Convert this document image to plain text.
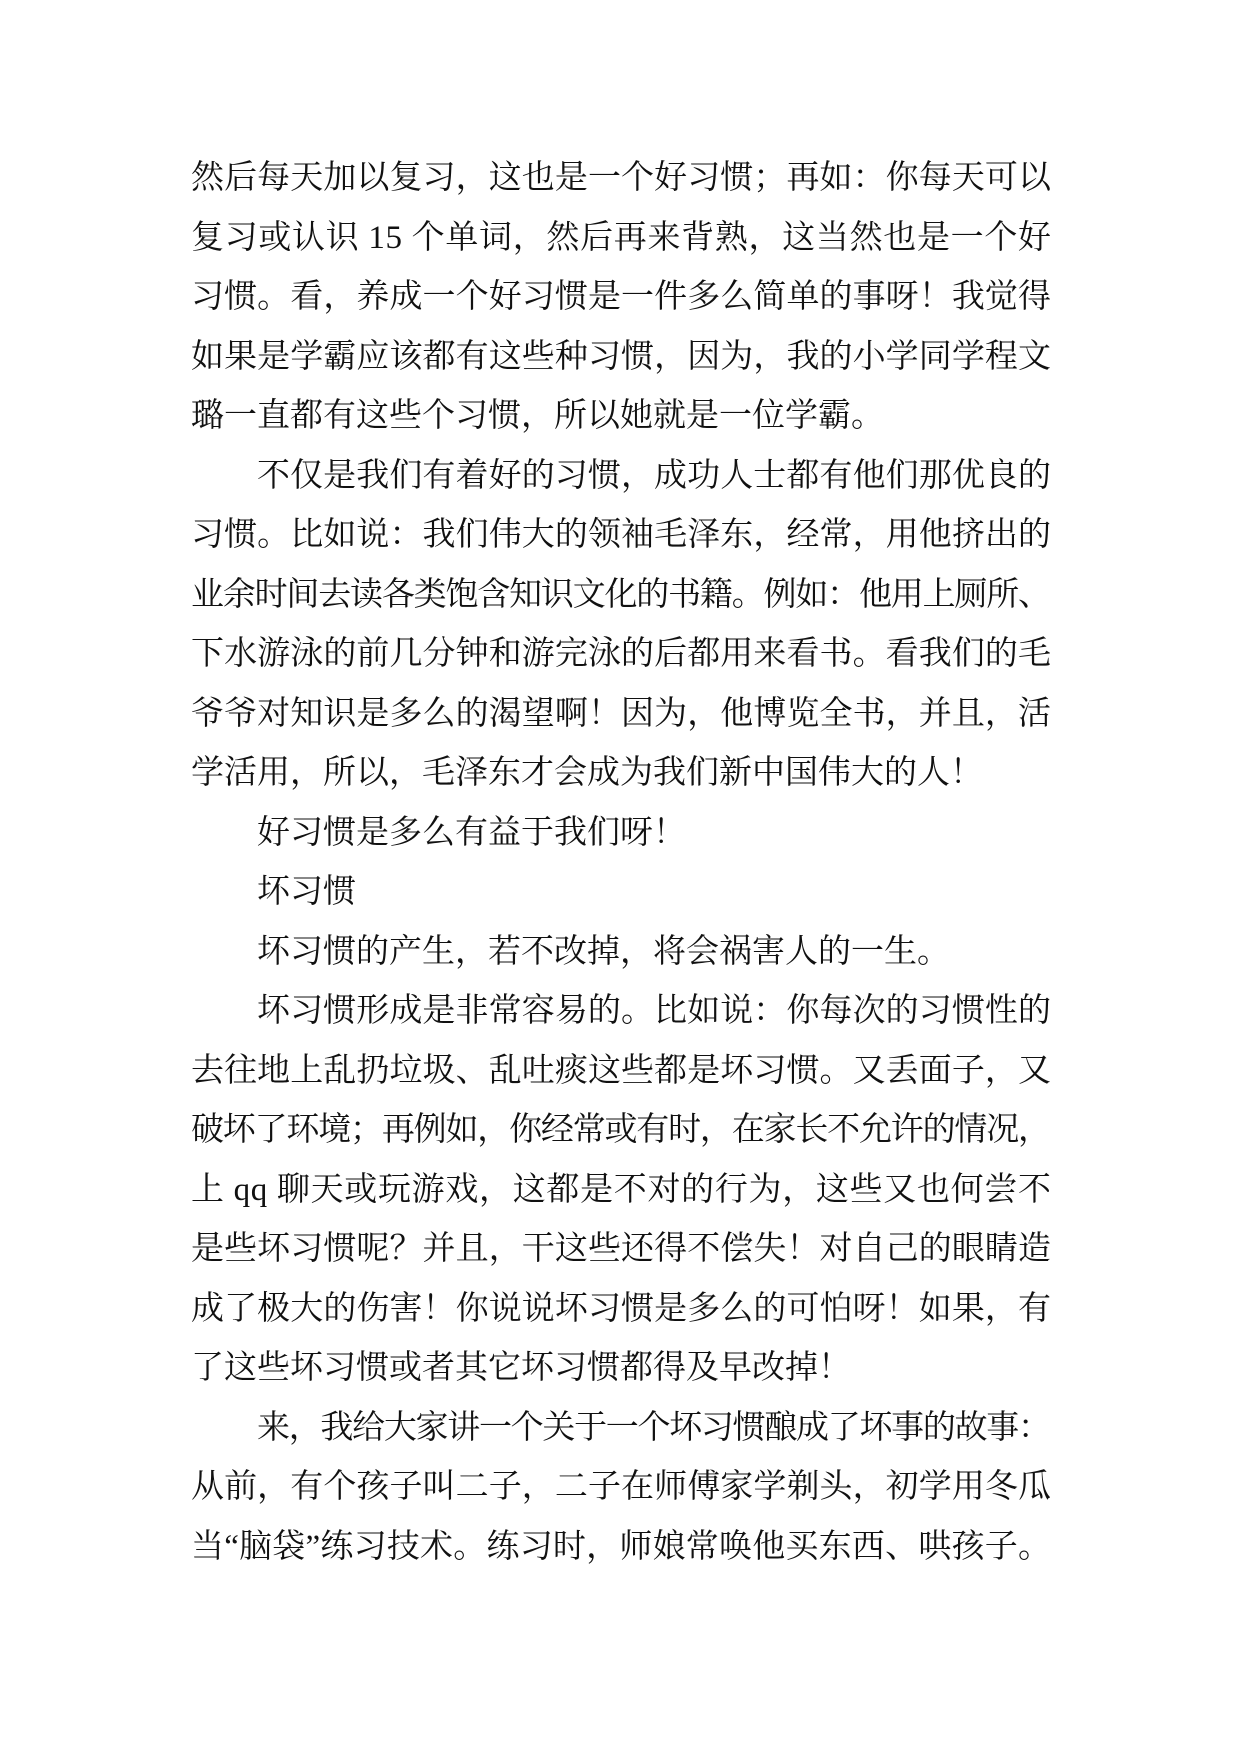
然后每天加以复习，这也是一个好习惯；再如：你每天可以
复习或认识 15 个单词，然后再来背熟，这当然也是一个好
习惯。看，养成一个好习惯是一件多么简单的事呀！我觉得
如果是学霸应该都有这些种习惯，因为，我的小学同学程文
璐一直都有这些个习惯，所以她就是一位学霸。
不仅是我们有着好的习惯，成功人士都有他们那优良的
习惯。比如说：我们伟大的领袖毛泽东，经常，用他挤出的
业余时间去读各类饱含知识文化的书籍。例如：他用上厕所、
下水游泳的前几分钟和游完泳的后都用来看书。看我们的毛
爷爷对知识是多么的渴望啊！因为，他博览全书，并且，活
学活用，所以，毛泽东才会成为我们新中国伟大的人！
好习惯是多么有益于我们呀！
坏习惯
坏习惯的产生，若不改掉，将会祸害人的一生。
坏习惯形成是非常容易的。比如说：你每次的习惯性的
去往地上乱扔垃圾、乱吐痰这些都是坏习惯。又丢面子，又
破坏了环境；再例如，你经常或有时，在家长不允许的情况，
上 qq 聊天或玩游戏，这都是不对的行为，这些又也何尝不
是些坏习惯呢？并且，干这些还得不偿失！对自己的眼睛造
成了极大的伤害！你说说坏习惯是多么的可怕呀！如果，有
了这些坏习惯或者其它坏习惯都得及早改掉！
来，我给大家讲一个关于一个坏习惯酿成了坏事的故事：
从前，有个孩子叫二子，二子在师傅家学剃头，初学用冬瓜
当“脑袋”练习技术。练习时，师娘常唤他买东西、哄孩子。
